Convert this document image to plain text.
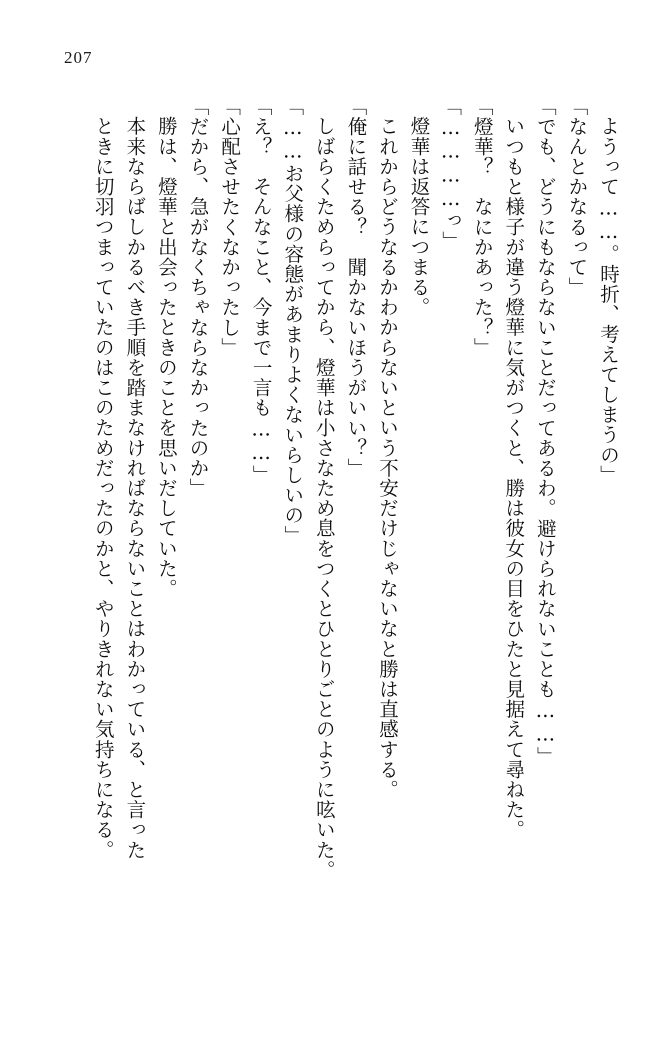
207

ようって……。時折、考えてしまうの」

「なんとかなるって」

「でも、どうにもならないことだってあるわ。避けられないことも……」

いつもと様子が違う燈華に気がつくと、勝は彼女の目をひたと見据えて尋ねた。

「燈華？　なにかあった？」

「…………っ」

燈華は返答につまる。

これからどうなるかわからないという不安だけじゃないなと勝は直感する。

「俺に話せる？　聞かないほうがいい？」

しばらくためらってから、燈華は小さなため息をつくとひとりごとのように呟いた。

「……お父様の容態があまりよくないらしいの」

「え？　そんなこと、今まで一言も……」

「心配させたくなかったし」

「だから、急がなくちゃならなかったのか」

勝は、燈華と出会ったときのことを思いだしていた。

本来ならばしかるべき手順を踏まなければならないことはわかっている、と言った

ときに切羽つまっていたのはこのためだったのかと、やりきれない気持ちになる。
